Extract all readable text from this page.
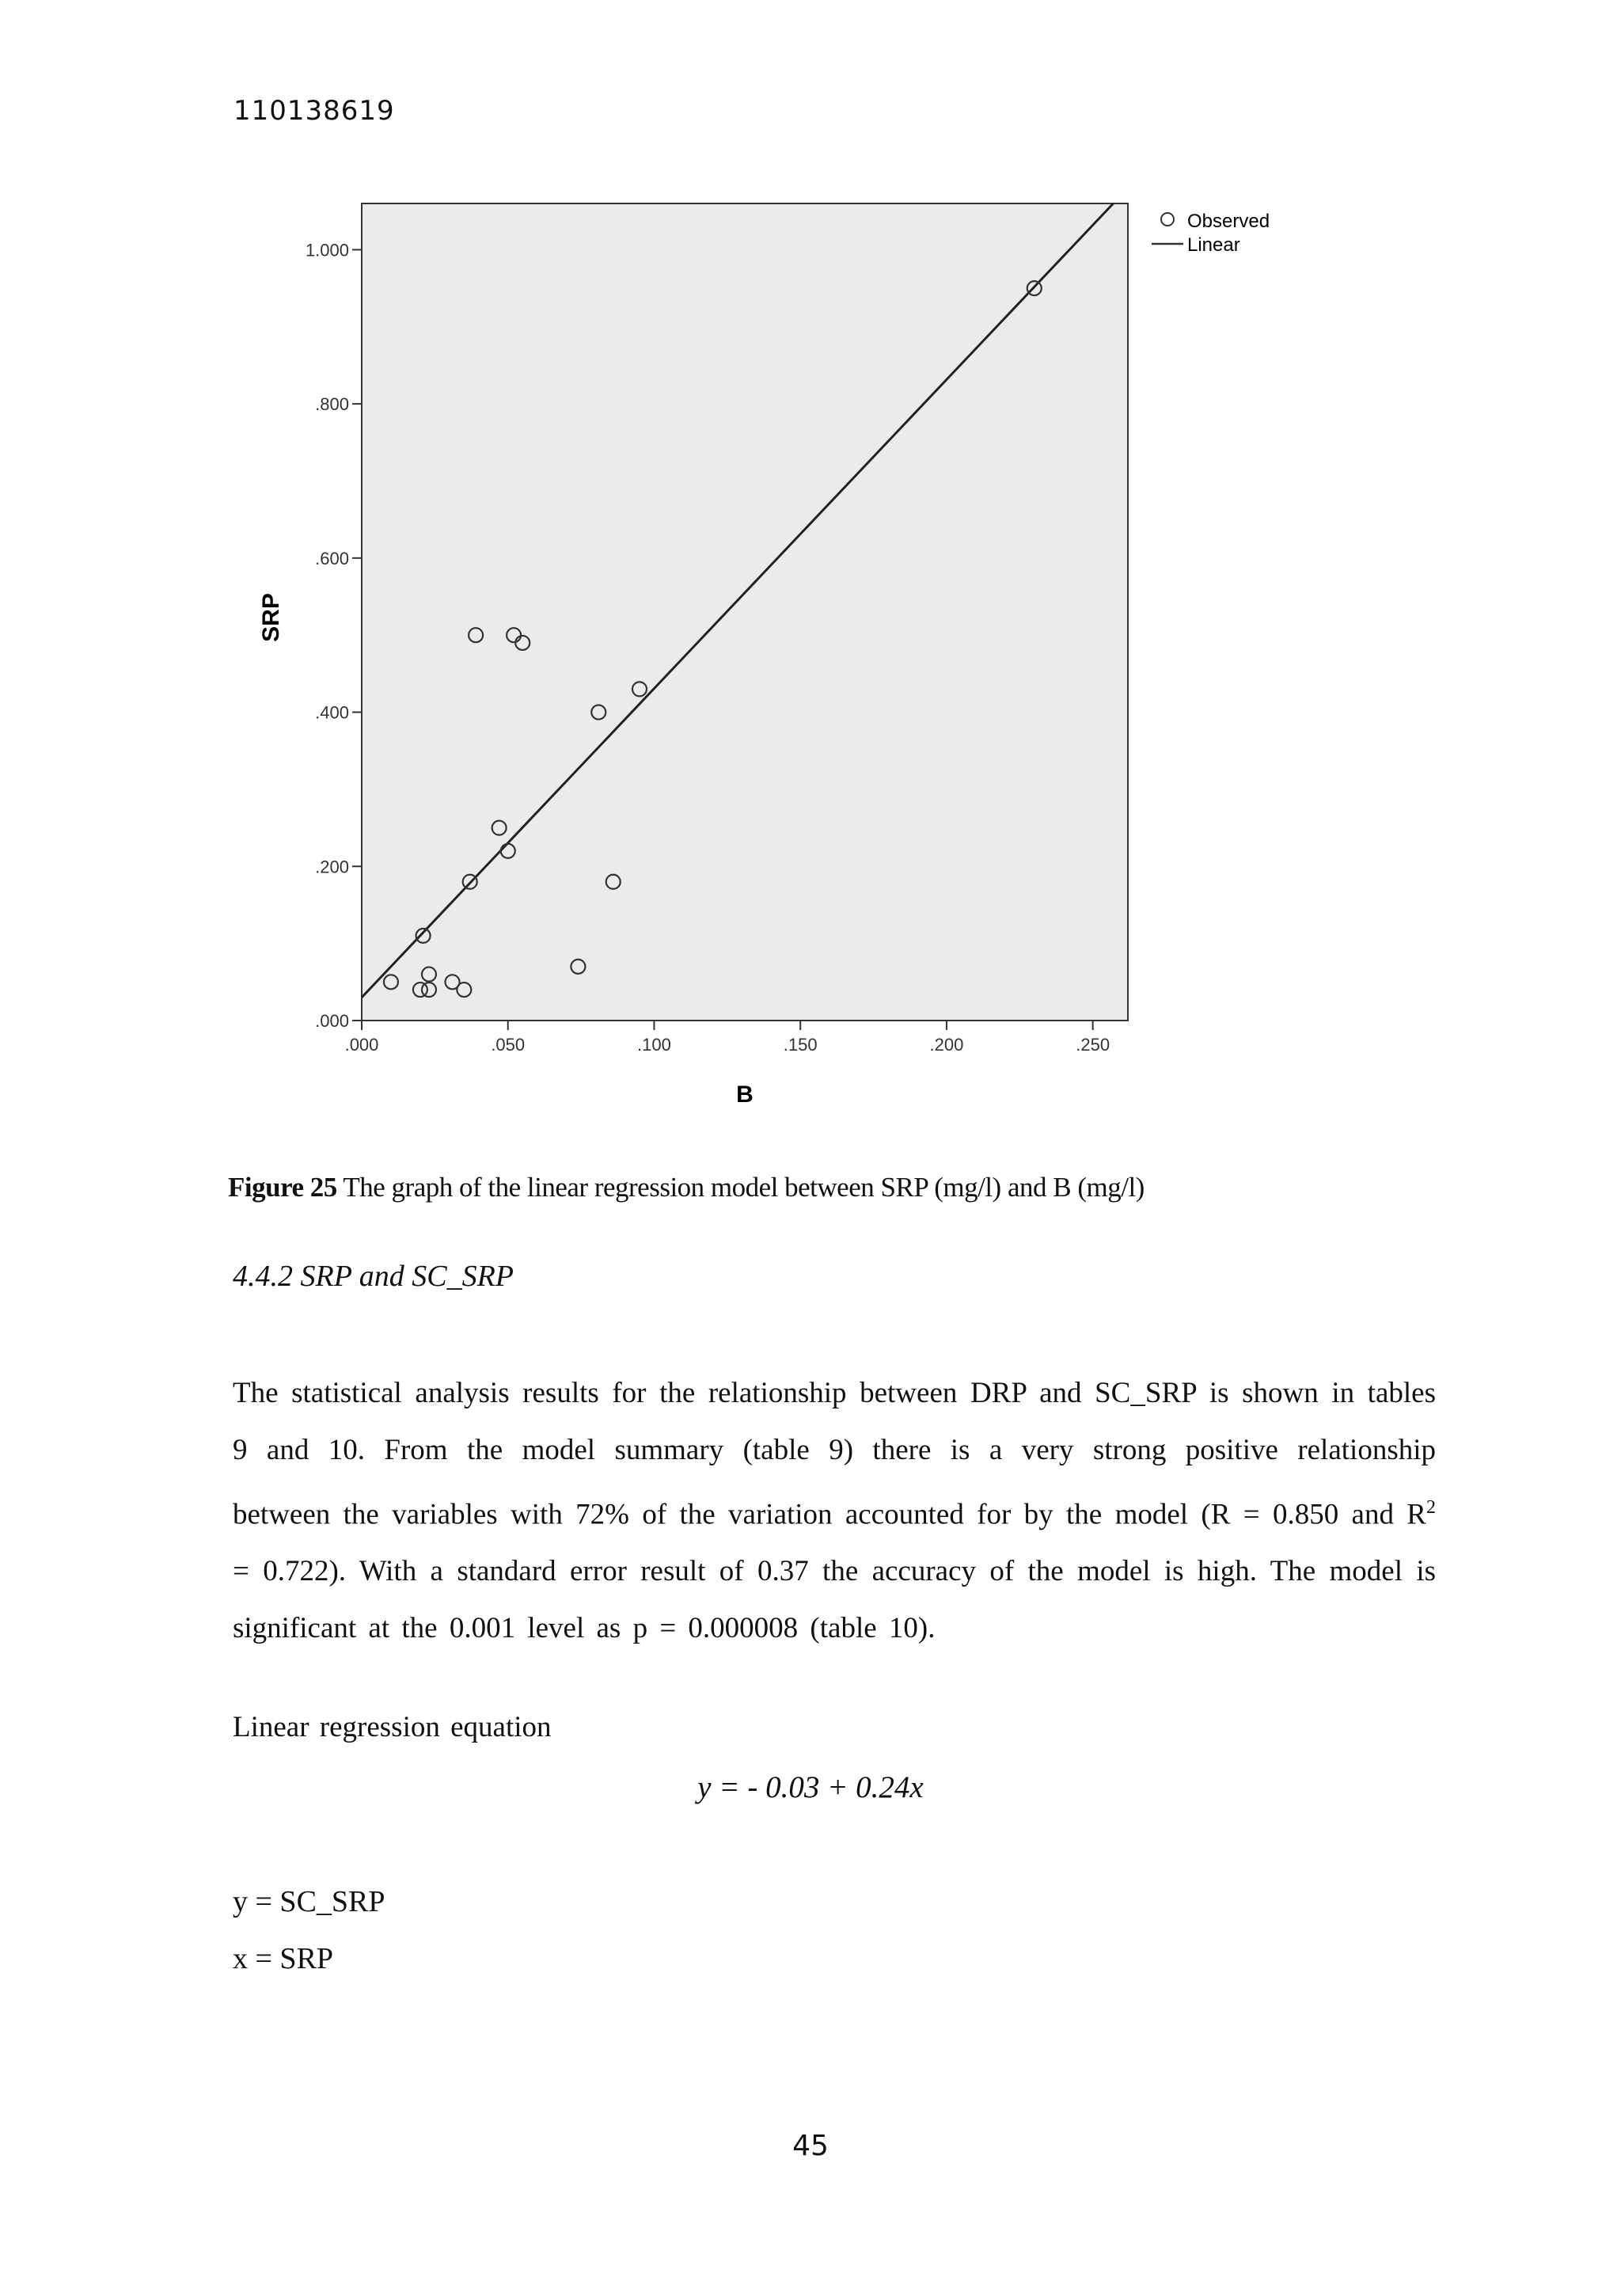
110138619
.000
.200
.400
.600
.800
1.000
.000	.050	.100	.150	.200	.250
SRP
B
Observed
Linear
Figure 25 The graph of the linear regression model between SRP (mg/l) and B (mg/l)
4.4.2 SRP and SC_SRP
The statistical analysis results for the relationship between DRP and SC_SRP is shown in tables 9 and 10. From the model summary (table 9) there is a very strong positive relationship between the variables with 72% of the variation accounted for by the model (R = 0.850 and $R^2 = 0.722$). With a standard error result of 0.37 the accuracy of the model is high. The model is significant at the 0.001 level as p = 0.000008 (table 10).
Linear regression equation
y = - 0.03 + 0.24x
y = SC_SRP
x = SRP
45
